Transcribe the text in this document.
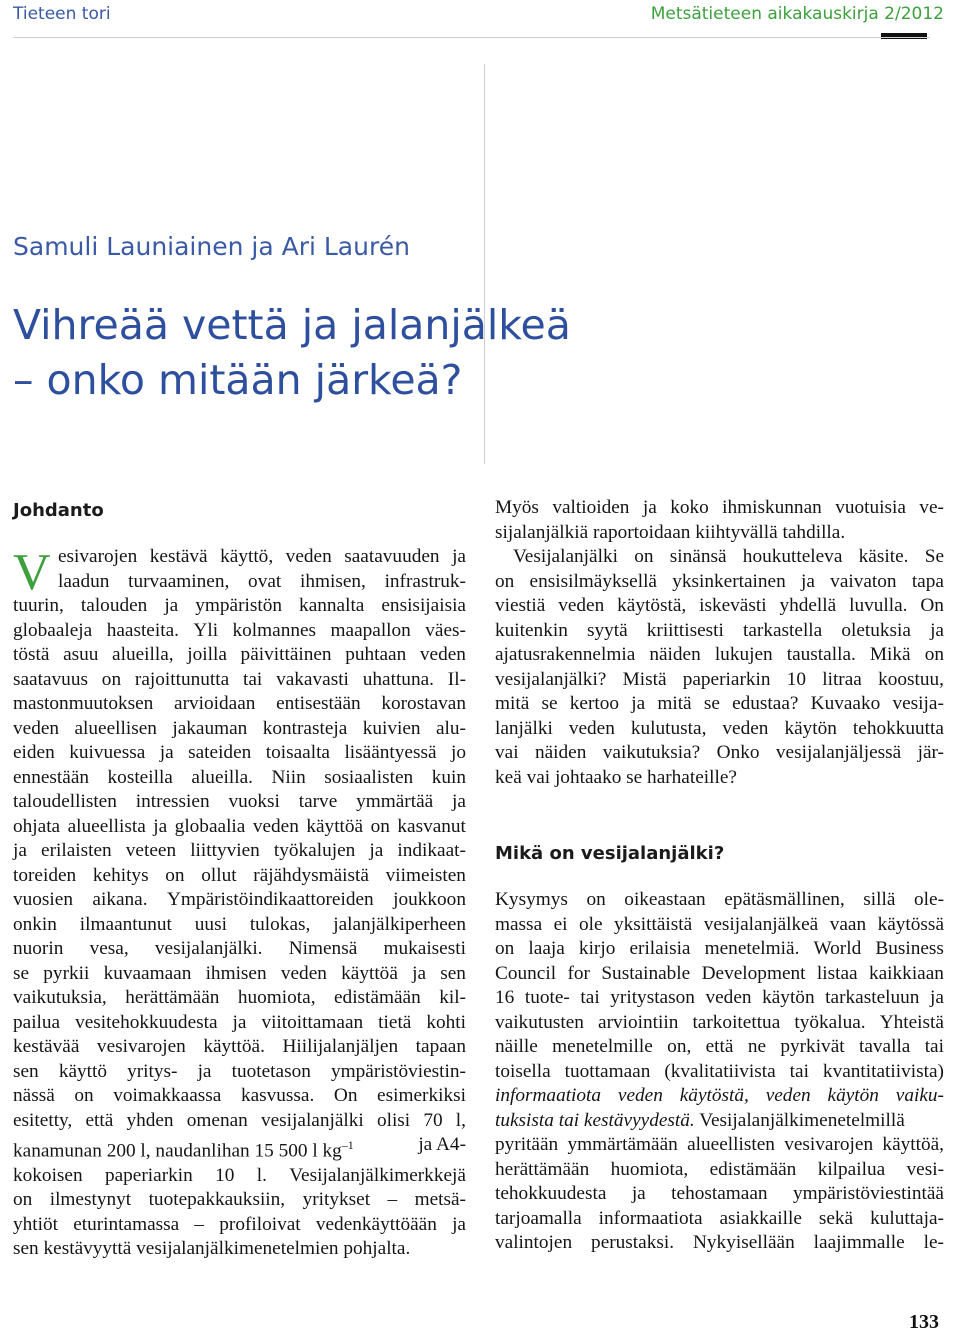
Tieteen tori	Metsätieteen aikakauskirja 2/2012
Samuli Launiainen ja Ari Laurén
Vihreää vettä ja jalanjälkeä
– onko mitään järkeä?
V
Johdanto
esivarojen kestävä käyttö, veden saatavuuden ja
laadun turvaaminen, ovat ihmisen, infrastruk-
tuurin, talouden ja ympäristön kannalta ensisijaisia
globaaleja haasteita. Yli kolmannes maapallon väes-
töstä asuu alueilla, joilla päivittäinen puhtaan veden
saatavuus on rajoittunutta tai vakavasti uhattuna. Il-
mastonmuutoksen arvioidaan entisestään korostavan
veden alueellisen jakauman kontrasteja kuivien alu-
eiden kuivuessa ja sateiden toisaalta lisääntyessä jo
ennestään kosteilla alueilla. Niin sosiaalisten kuin
taloudellisten intressien vuoksi tarve ymmärtää ja
ohjata alueellista ja globaalia veden käyttöä on kasvanut
ja erilaisten veteen liittyvien työkalujen ja indikaat-
toreiden kehitys on ollut räjähdysmäistä viimeisten
vuosien aikana. Ympäristöindikaattoreiden joukkoon
onkin ilmaantunut uusi tulokas, jalanjälkiperheen
nuorin vesa, vesijalanjälki. Nimensä mukaisesti
se pyrkii kuvaamaan ihmisen veden käyttöä ja sen
vaikutuksia, herättämään huomiota, edistämään kil-
pailua vesitehokkuudesta ja viitoittamaan tietä kohti
kestävää vesivarojen käyttöä. Hiilijalanjäljen tapaan
sen käyttö yritys- ja tuotetason ympäristöviestin-
nässä on voimakkaassa kasvussa. On esimerkiksi
esitetty, että yhden omenan vesijalanjälki olisi 70 l,
kanamunan 200 l, naudanlihan 15 500 l $kg^{-1}$	ja A4-
kokoisen paperiarkin 10 l. Vesijalanjälkimerkkejä
on ilmestynyt tuotepakkauksiin, yritykset – metsä-
yhtiöt eturintamassa – profiloivat vedenkäyttöään ja
sen kestävyyttä vesijalanjälkimenetelmien pohjalta.
Myös valtioiden ja koko ihmiskunnan vuotuisia ve-
sijalanjälkiä raportoidaan kiihtyvällä tahdilla.
Vesijalanjälki on sinänsä houkutteleva käsite. Se
on ensisilmäyksellä yksinkertainen ja vaivaton tapa
viestiä veden käytöstä, iskevästi yhdellä luvulla. On
kuitenkin syytä kriittisesti tarkastella oletuksia ja
ajatusrakennelmia näiden lukujen taustalla. Mikä on
vesijalanjälki? Mistä paperiarkin 10 litraa koostuu,
mitä se kertoo ja mitä se edustaa? Kuvaako vesija-
lanjälki veden kulutusta, veden käytön tehokkuutta
vai näiden vaikutuksia? Onko vesijalanjäljessä jär-
keä vai johtaako se harhateille?
Mikä on vesijalanjälki?
Kysymys on oikeastaan epätäsmällinen, sillä ole-
massa ei ole yksittäistä vesijalanjälkeä vaan käytössä
on laaja kirjo erilaisia menetelmiä. World Business
Council for Sustainable Development listaa kaikkiaan
16 tuote- tai yritystason veden käytön tarkasteluun ja
vaikutusten arviointiin tarkoitettua työkalua. Yhteistä
näille menetelmille on, että ne pyrkivät tavalla tai
toisella tuottamaan (kvalitatiivista tai kvantitatiivista)
informaatiota veden käytöstä, veden käytön vaiku-
tuksista tai kestävyydestä. Vesijalanjälkimenetelmillä
pyritään ymmärtämään alueellisten vesivarojen käyttöä,
herättämään huomiota, edistämään kilpailua vesi-
tehokkuudesta ja tehostamaan ympäristöviestintää
tarjoamalla informaatiota asiakkaille sekä kuluttaja-
valintojen perustaksi. Nykyisellään laajimmalle le-
133
